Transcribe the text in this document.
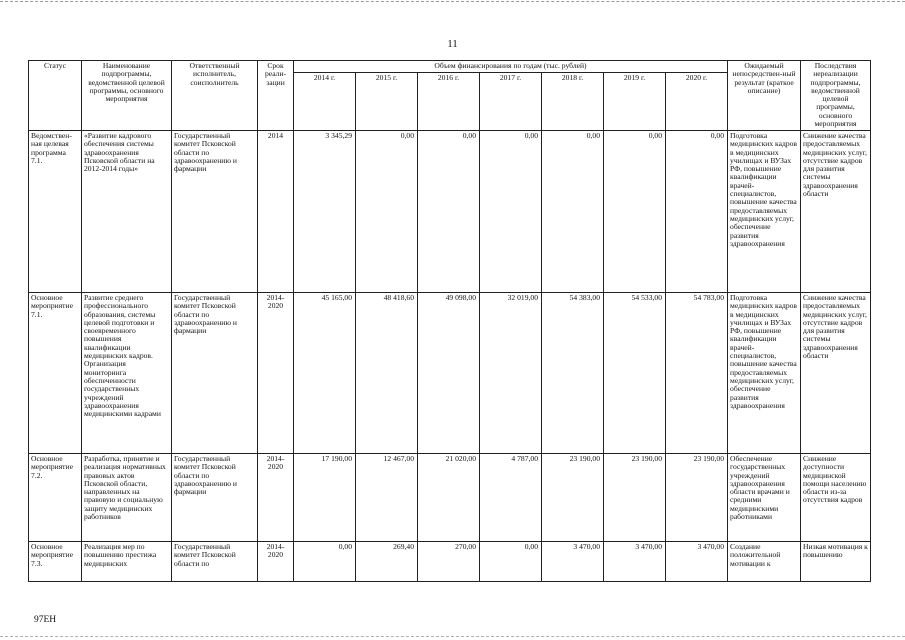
11
Статус	Наименование подпрограммы, ведомственной целевой программы, основного мероприятия	Ответственный исполнитель, соисполнитель	Срок реали-зации	Объем финансирования по годам (тыс. рублей)							Ожидаемый непосредствен-ный результат (краткое описание)	Последствия нереализации подпрограммы, ведомственной целевой программы, основного мероприятия
				2014 г.	2015 г.	2016 г.	2017 г.	2018 г.	2019 г.	2020 г.		
Ведомствен-ная целевая программа 7.1.	«Развитие кадрового обеспечения системы здравоохранения Псковской области на 2012-2014 годы»	Государственный комитет Псковской области по здравоохранению и фармации	2014	3 345,29	0,00	0,00	0,00	0,00	0,00	0,00	Подготовка медицинских кадров в медицинских училищах и ВУЗах РФ, повышение квалификации врачей-специалистов, повышение качества предоставляемых медицинских услуг, обеспечение развития здравоохранения	Снижение качества предоставляемых медицинских услуг, отсутствие кадров для развития системы здравоохранения области
Основное мероприятие 7.1.	Развитие среднего профессионального образования, системы целевой подготовки и своевременного повышения квалификации медицинских кадров. Организация мониторинга обеспеченности государственных учреждений здравоохранения медицинскими кадрами	Государственный комитет Псковской области по здравоохранению и фармации	2014-2020	45 165,00	48 418,60	49 098,00	32 019,00	54 383,00	54 533,00	54 783,00	Подготовка медицинских кадров в медицинских училищах и ВУЗах РФ, повышение квалификации врачей-специалистов, повышение качества предоставляемых медицинских услуг, обеспечение развития здравоохранения	Снижение качества предоставляемых медицинских услуг, отсутствие кадров для развития системы здравоохранения области
Основное мероприятие 7.2.	Разработка, принятие и реализация нормативных правовых актов Псковской области, направленных на правовую и социальную защиту медицинских работников	Государственный комитет Псковской области по здравоохранению и фармации	2014-2020	17 190,00	12 467,00	21 020,00	4 787,00	23 190,00	23 190,00	23 190,00	Обеспечение государственных учреждений здравоохранения области врачами и средними медицинскими работниками	Снижение доступности медицинской помощи населению области из-за отсутствия кадров
Основное мероприятие 7.3.	Реализация мер по повышению престижа медицинских	Государственный комитет Псковской области по	2014-2020	0,00	269,40	270,00	0,00	3 470,00	3 470,00	3 470,00	Создание положительной мотивации к	Низкая мотивация к повышению
97EH
